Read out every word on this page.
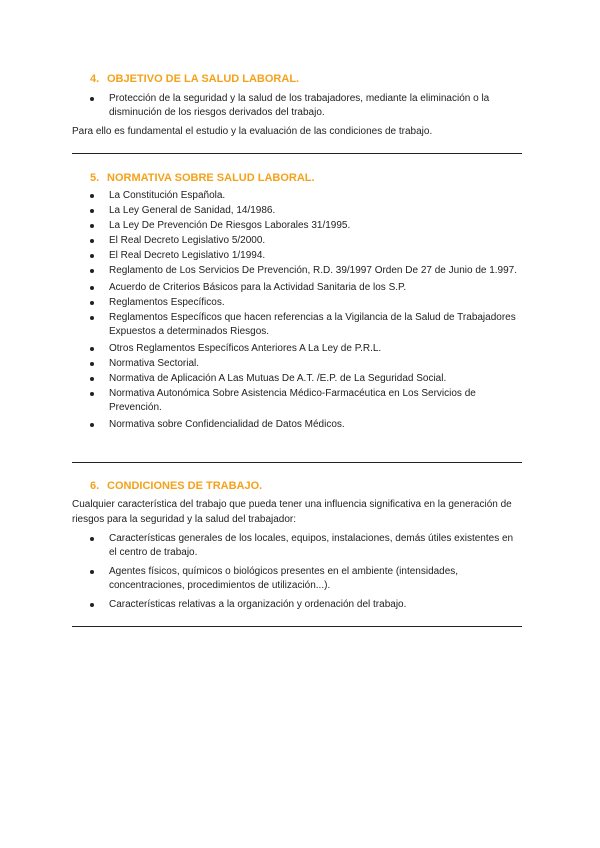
4. OBJETIVO DE LA SALUD LABORAL.
Protección de la seguridad y la salud de los trabajadores, mediante la eliminación o la disminución de los riesgos derivados del trabajo.

Para ello es fundamental el estudio y la evaluación de las condiciones de trabajo.

5. NORMATIVA SOBRE SALUD LABORAL.
La Constitución Española.
La Ley General de Sanidad, 14/1986.
La Ley De Prevención De Riesgos Laborales 31/1995.
El Real Decreto Legislativo 5/2000.
El Real Decreto Legislativo 1/1994.
Reglamento de Los Servicios De Prevención, R.D. 39/1997 Orden De 27 de Junio de 1.997.
Acuerdo de Criterios Básicos para la Actividad Sanitaria de los S.P.
Reglamentos Específicos.
Reglamentos Específicos que hacen referencias a la Vigilancia de la Salud de Trabajadores Expuestos a determinados Riesgos.
Otros Reglamentos Específicos Anteriores A La Ley de P.R.L.
Normativa Sectorial.
Normativa de Aplicación A Las Mutuas De A.T. /E.P. de La Seguridad Social.
Normativa Autonómica Sobre Asistencia Médico-Farmacéutica en Los Servicios de Prevención.
Normativa sobre Confidencialidad de Datos Médicos.
6. CONDICIONES DE TRABAJO.

Cualquier característica del trabajo que pueda tener una influencia significativa en la generación de riesgos para la seguridad y la salud del trabajador:

Características generales de los locales, equipos, instalaciones, demás útiles existentes en el centro de trabajo.
Agentes físicos, químicos o biológicos presentes en el ambiente (intensidades, concentraciones, procedimientos de utilización...).
Características relativas a la organización y ordenación del trabajo.
